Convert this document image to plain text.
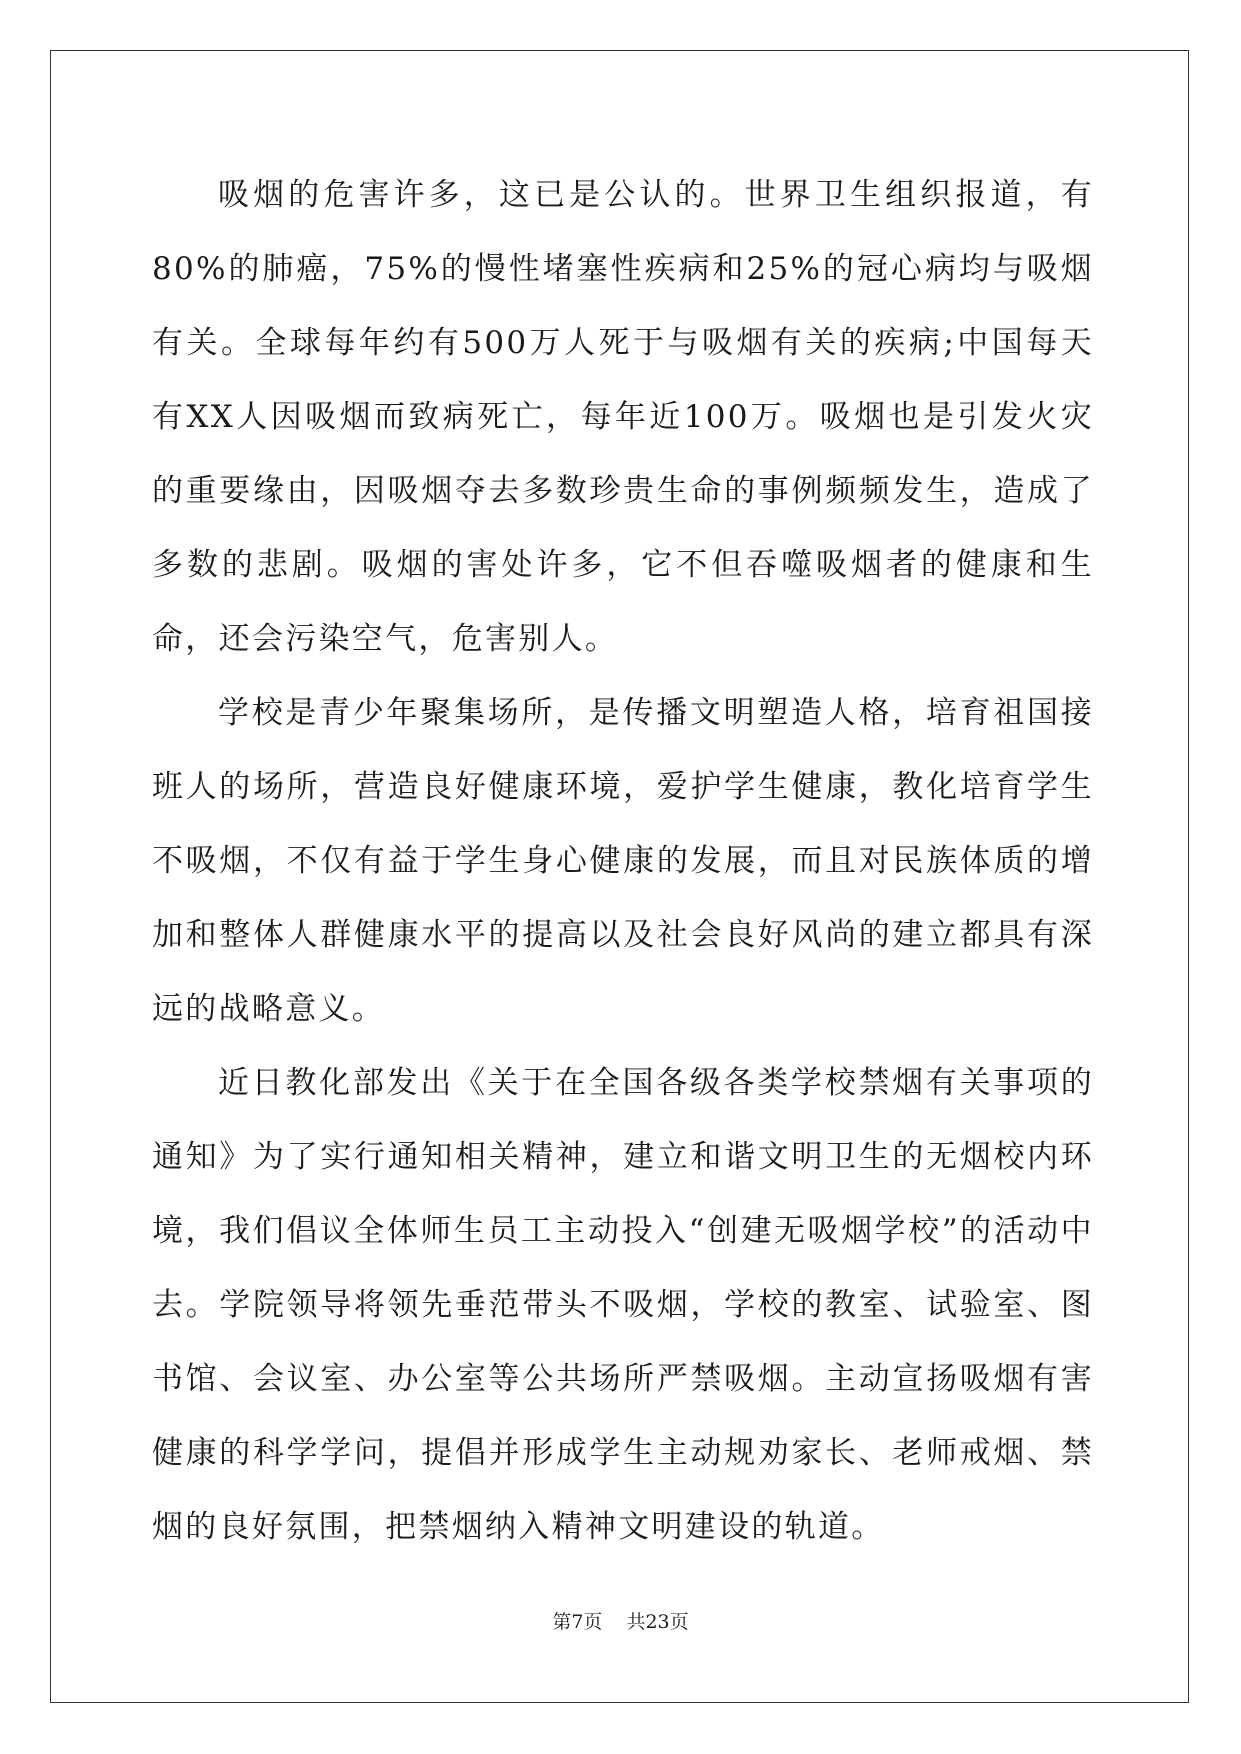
吸烟的危害许多，这已是公认的。世界卫生组织报道，有80%的肺癌，75%的慢性堵塞性疾病和25%的冠心病均与吸烟有关。全球每年约有500万人死于与吸烟有关的疾病;中国每天有XX人因吸烟而致病死亡，每年近100万。吸烟也是引发火灾的重要缘由，因吸烟夺去多数珍贵生命的事例频频发生，造成了多数的悲剧。吸烟的害处许多，它不但吞噬吸烟者的健康和生命，还会污染空气，危害别人。

学校是青少年聚集场所，是传播文明塑造人格，培育祖国接班人的场所，营造良好健康环境，爱护学生健康，教化培育学生不吸烟，不仅有益于学生身心健康的发展，而且对民族体质的增加和整体人群健康水平的提高以及社会良好风尚的建立都具有深远的战略意义。

近日教化部发出《关于在全国各级各类学校禁烟有关事项的通知》为了实行通知相关精神，建立和谐文明卫生的无烟校内环境，我们倡议全体师生员工主动投入“创建无吸烟学校”的活动中去。学院领导将领先垂范带头不吸烟，学校的教室、试验室、图书馆、会议室、办公室等公共场所严禁吸烟。主动宣扬吸烟有害健康的科学学问，提倡并形成学生主动规劝家长、老师戒烟、禁烟的良好氛围，把禁烟纳入精神文明建设的轨道。

第7页 共23页
